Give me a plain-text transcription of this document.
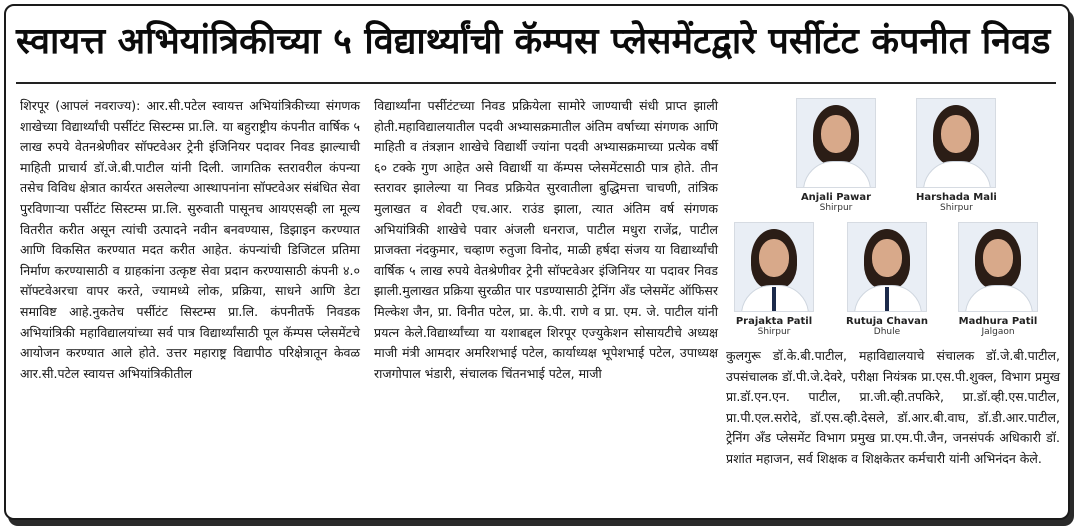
स्वायत्त अभियांत्रिकीच्या ५ विद्यार्थ्यांची कॅम्पस प्लेसमेंटद्वारे पर्सीटंट कंपनीत निवड
शिरपूर (आपलं नवराज्य): आर.सी.पटेल स्वायत्त अभियांत्रिकीच्या संगणक शाखेच्या विद्यार्थ्यांची पर्सीटंट सिस्टम्स प्रा.लि. या बहुराष्ट्रीय कंपनीत वार्षिक ५ लाख रुपये वेतनश्रेणीवर सॉफ्टवेअर ट्रेनी इंजिनियर पदावर निवड झाल्याची माहिती प्राचार्य डॉ.जे.बी.पाटील यांनी दिली. जागतिक स्तरावरील कंपन्या तसेच विविध क्षेत्रात कार्यरत असलेल्या आस्थापनांना सॉफ्टवेअर संबंधित सेवा पुरविणाऱ्या पर्सीटंट सिस्टम्स प्रा.लि. सुरुवाती पासूनच आयएसव्ही ला मूल्य वितरीत करीत असून त्यांची उत्पादने नवीन बनवण्यास, डिझाइन करण्यात आणि विकसित करण्यात मदत करीत आहेत. कंपन्यांची डिजिटल प्रतिमा निर्माण करण्यासाठी व ग्राहकांना उत्कृष्ट सेवा प्रदान करण्यासाठी कंपनी ४.० सॉफ्टवेअरचा वापर करते, ज्यामध्ये लोक, प्रक्रिया, साधने आणि डेटा समाविष्ट आहे.नुकतेच पर्सीटंट सिस्टम्स प्रा.लि. कंपनीतर्फे निवडक अभियांत्रिकी महाविद्यालयांच्या सर्व पात्र विद्यार्थ्यांसाठी पूल कॅम्पस प्लेसमेंटचे आयोजन करण्यात आले होते. उत्तर महाराष्ट्र विद्यापीठ परिक्षेत्रातून केवळ आर.सी.पटेल स्वायत्त अभियांत्रिकीतील
विद्यार्थ्यांना पर्सीटंटच्या निवड प्रक्रियेला सामोरे जाण्याची संधी प्राप्त झाली होती.महाविद्यालयातील पदवी अभ्यासक्रमातील अंतिम वर्षाच्या संगणक आणि माहिती व तंत्रज्ञान शाखेचे विद्यार्थी ज्यांना पदवी अभ्यासक्रमाच्या प्रत्येक वर्षी ६० टक्के गुण आहेत असे विद्यार्थी या कॅम्पस प्लेसमेंटसाठी पात्र होते. तीन स्तरावर झालेल्या या निवड प्रक्रियेत सुरवातीला बुद्धिमत्ता चाचणी, तांत्रिक मुलाखत व शेवटी एच.आर. राउंड झाला, त्यात अंतिम वर्ष संगणक अभियांत्रिकी शाखेचे पवार अंजली धनराज, पाटील मधुरा राजेंद्र, पाटील प्राजक्ता नंदकुमार, चव्हाण रुतुजा विनोद, माळी हर्षदा संजय या विद्यार्थ्यांची वार्षिक ५ लाख रुपये वेतश्रेणीवर ट्रेनी सॉफ्टवेअर इंजिनियर या पदावर निवड झाली.मुलाखत प्रक्रिया सुरळीत पार पडण्यासाठी ट्रेनिंग अँड प्लेसमेंट ऑफिसर मिल्केश जैन, प्रा. विनीत पटेल, प्रा. के.पी. राणे व प्रा. एम. जे. पाटील यांनी प्रयत्न केले.विद्यार्थ्यांच्या या यशाबद्दल शिरपूर एज्युकेशन सोसायटीचे अध्यक्ष माजी मंत्री आमदार अमरिशभाई पटेल, कार्याध्यक्ष भूपेशभाई पटेल, उपाध्यक्ष राजगोपाल भंडारी, संचालक चिंतनभाई पटेल, माजी
Anjali Pawar
Shirpur
Harshada Mali
Shirpur
Prajakta Patil
Shirpur
Rutuja Chavan
Dhule
Madhura Patil
Jalgaon
कुलगुरू डॉ.के.बी.पाटील, महाविद्यालयाचे संचालक डॉ.जे.बी.पाटील, उपसंचालक डॉ.पी.जे.देवरे, परीक्षा नियंत्रक प्रा.एस.पी.शुक्ल, विभाग प्रमुख प्रा.डॉ.एन.एन. पाटील, प्रा.जी.व्ही.तपकिरे, प्रा.डॉ.व्ही.एस.पाटील, प्रा.पी.एल.सरोदे, डॉ.एस.व्ही.देसले, डॉ.आर.बी.वाघ, डॉ.डी.आर.पाटील, ट्रेनिंग अँड प्लेसमेंट विभाग प्रमुख प्रा.एम.पी.जैन, जनसंपर्क अधिकारी डॉ. प्रशांत महाजन, सर्व शिक्षक व शिक्षकेतर कर्मचारी यांनी अभिनंदन केले.
